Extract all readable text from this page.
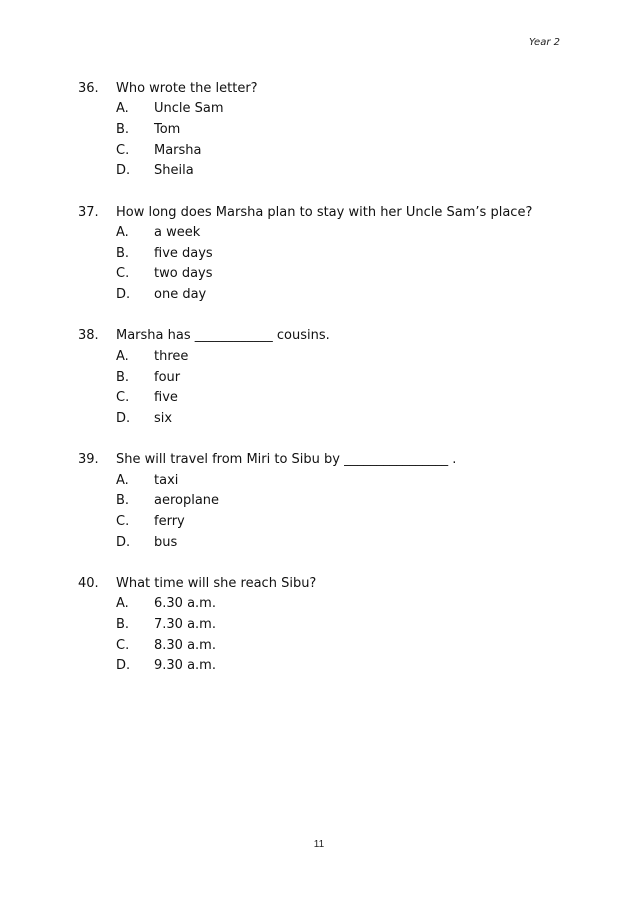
Year 2
36.	Who wrote the letter?
A.	Uncle Sam
B.	Tom
C.	Marsha
D.	Sheila
37.	How long does Marsha plan to stay with her Uncle Sam’s place?
A.	a week
B.	five days
C.	two days
D.	one day
38.	Marsha has ____________ cousins.
A.	three
B.	four
C.	five
D.	six
39.	She will travel from Miri to Sibu by ________________ .
A.	taxi
B.	aeroplane
C.	ferry
D.	bus
40.	What time will she reach Sibu?
A.	6.30 a.m.
B.	7.30 a.m.
C.	8.30 a.m.
D.	9.30 a.m.
11
